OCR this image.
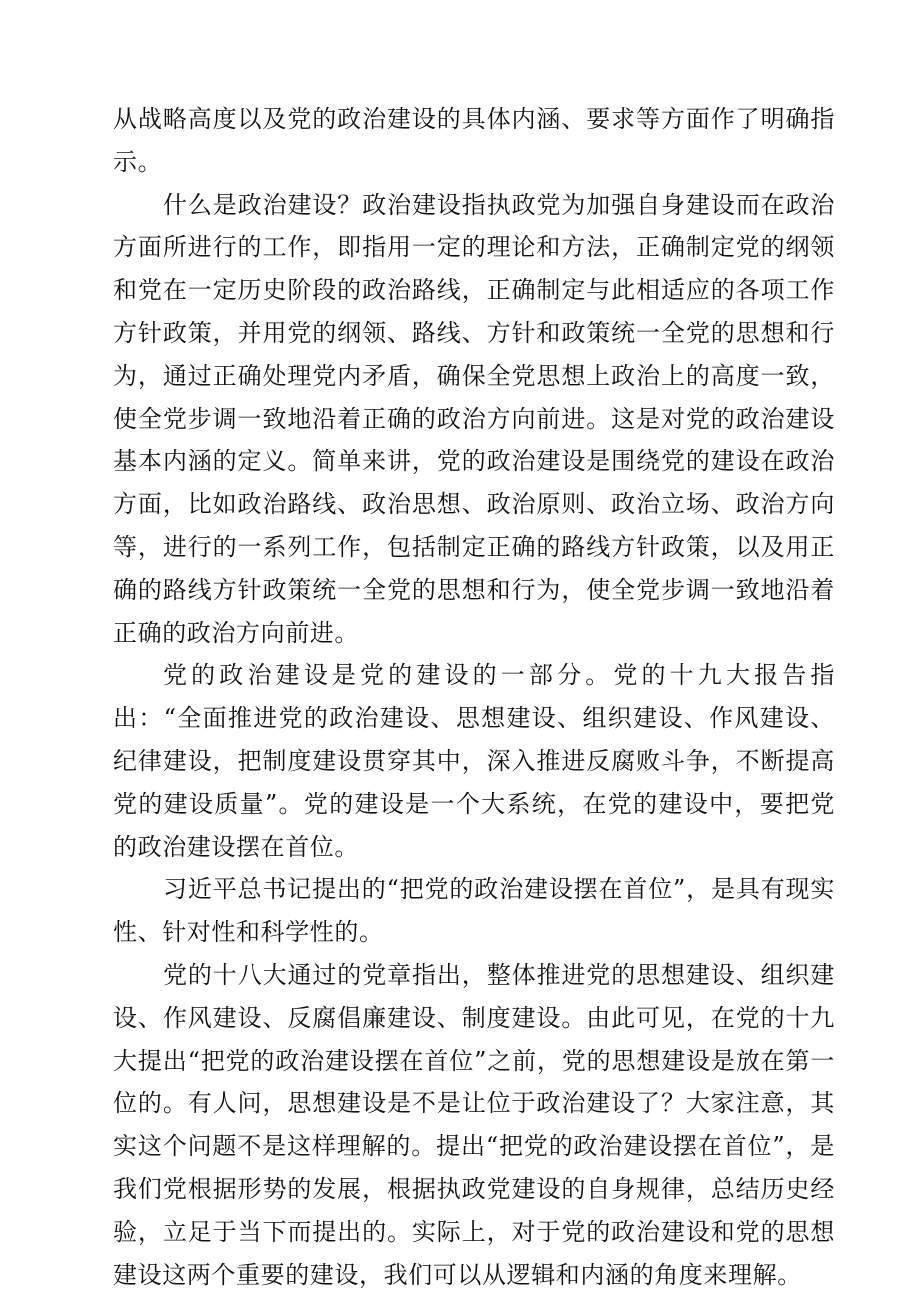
从战略高度以及党的政治建设的具体内涵、要求等方面作了明确指示。

什么是政治建设？政治建设指执政党为加强自身建设而在政治方面所进行的工作，即指用一定的理论和方法，正确制定党的纲领和党在一定历史阶段的政治路线，正确制定与此相适应的各项工作方针政策，并用党的纲领、路线、方针和政策统一全党的思想和行为，通过正确处理党内矛盾，确保全党思想上政治上的高度一致，使全党步调一致地沿着正确的政治方向前进。这是对党的政治建设基本内涵的定义。简单来讲，党的政治建设是围绕党的建设在政治方面，比如政治路线、政治思想、政治原则、政治立场、政治方向等，进行的一系列工作，包括制定正确的路线方针政策，以及用正确的路线方针政策统一全党的思想和行为，使全党步调一致地沿着正确的政治方向前进。

党的政治建设是党的建设的一部分。党的十九大报告指出：“全面推进党的政治建设、思想建设、组织建设、作风建设、纪律建设，把制度建设贯穿其中，深入推进反腐败斗争，不断提高党的建设质量”。党的建设是一个大系统，在党的建设中，要把党的政治建设摆在首位。

习近平总书记提出的“把党的政治建设摆在首位”，是具有现实性、针对性和科学性的。

党的十八大通过的党章指出，整体推进党的思想建设、组织建设、作风建设、反腐倡廉建设、制度建设。由此可见，在党的十九大提出“把党的政治建设摆在首位”之前，党的思想建设是放在第一位的。有人问，思想建设是不是让位于政治建设了？大家注意，其实这个问题不是这样理解的。提出“把党的政治建设摆在首位”，是我们党根据形势的发展，根据执政党建设的自身规律，总结历史经验，立足于当下而提出的。实际上，对于党的政治建设和党的思想建设这两个重要的建设，我们可以从逻辑和内涵的角度来理解。
